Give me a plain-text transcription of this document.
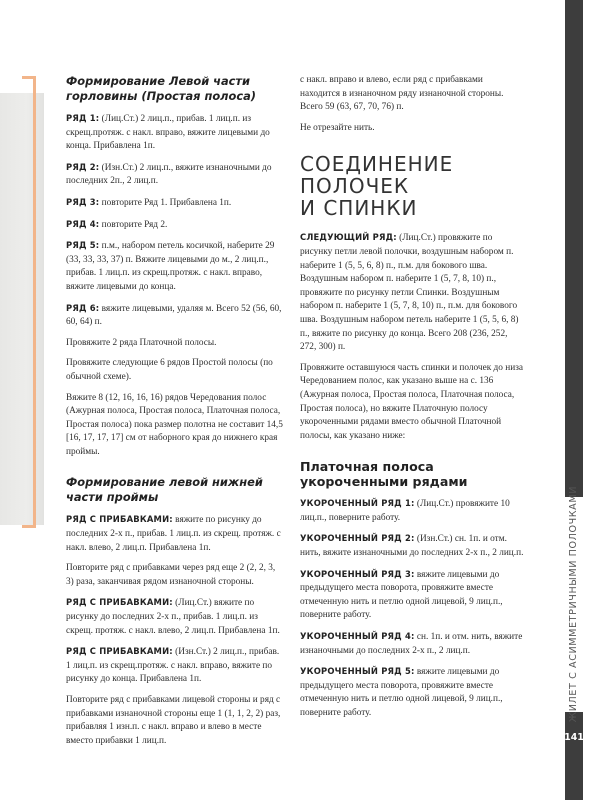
Формирование Левой части горловины (Простая полоса)

РЯД 1: (Лиц.Ст.) 2 лиц.п., прибав. 1 лиц.п. из скрещ.протяж. с накл. вправо, вяжите лицевыми до конца. Прибавлена 1п.

РЯД 2: (Изн.Ст.) 2 лиц.п., вяжите изнаночными до последних 2п., 2 лиц.п.

РЯД 3: повторите Ряд 1. Прибавлена 1п.

РЯД 4: повторите Ряд 2.

РЯД 5: п.м., набором петель косичкой, наберите 29 (33, 33, 33, 37) п. Вяжите лицевыми до м., 2 лиц.п., прибав. 1 лиц.п. из скрещ.протяж. с накл. вправо, вяжите лицевыми до конца.

РЯД 6: вяжите лицевыми, удаляя м. Всего 52 (56, 60, 60, 64) п.

Провяжите 2 ряда Платочной полосы.

Провяжите следующие 6 рядов Простой полосы (по обычной схеме).

Вяжите 8 (12, 16, 16, 16) рядов Чередования полос (Ажурная полоса, Простая полоса, Платочная полоса, Простая полоса) пока размер полотна не составит 14,5 [16, 17, 17, 17] см от наборного края до нижнего края проймы.

Формирование левой нижней части проймы

РЯД С ПРИБАВКАМИ: вяжите по рисунку до последних 2-х п., прибав. 1 лиц.п. из скрещ. протяж. с накл. влево, 2 лиц.п. Прибавлена 1п.

Повторите ряд с прибавками через ряд еще 2 (2, 2, 3, 3) раза, заканчивая рядом изнаночной стороны.

РЯД С ПРИБАВКАМИ: (Лиц.Ст.) вяжите по рисунку до последних 2-х п., прибав. 1 лиц.п. из скрещ. протяж. с накл. влево, 2 лиц.п. Прибавлена 1п.

РЯД С ПРИБАВКАМИ: (Изн.Ст.) 2 лиц.п., прибав. 1 лиц.п. из скрещ.протяж. с накл. вправо, вяжите по рисунку до конца. Прибавлена 1п.

Повторите ряд с прибавками лицевой стороны и ряд с прибавками изнаночной стороны еще 1 (1, 1, 2, 2) раз, прибавляя 1 изн.п. с накл. вправо и влево в месте вместо прибавки 1 лиц.п.

с накл. вправо и влево, если ряд с прибавками находится в изнаночном ряду изнаночной стороны. Всего 59 (63, 67, 70, 76) п.

Не отрезайте нить.

СОЕДИНЕНИЕ
ПОЛОЧЕК
И СПИНКИ

СЛЕДУЮЩИЙ РЯД: (Лиц.Ст.) провяжите по рисунку петли левой полочки, воздушным набором п. наберите 1 (5, 5, 6, 8) п., п.м. для бокового шва. Воздушным набором п. наберите 1 (5, 7, 8, 10) п., провяжите по рисунку петли Спинки. Воздушным набором п. наберите 1 (5, 7, 8, 10) п., п.м. для бокового шва. Воздушным набором петель наберите 1 (5, 5, 6, 8) п., вяжите по рисунку до конца. Всего 208 (236, 252, 272, 300) п.

Провяжите оставшуюся часть спинки и полочек до низа Чередованием полос, как указано выше на с. 136 (Ажурная полоса, Простая полоса, Платочная полоса, Простая полоса), но вяжите Платочную полосу укороченными рядами вместо обычной Платочной полосы, как указано ниже:

Платочная полоса укороченными рядами

УКОРОЧЕННЫЙ РЯД 1: (Лиц.Ст.) провяжите 10 лиц.п., поверните работу.

УКОРОЧЕННЫЙ РЯД 2: (Изн.Ст.) сн. 1п. и отм. нить, вяжите изнаночными до последних 2-х п., 2 лиц.п.

УКОРОЧЕННЫЙ РЯД 3: вяжите лицевыми до предыдущего места поворота, провяжите вместе отмеченную нить и петлю одной лицевой, 9 лиц.п., поверните работу.

УКОРОЧЕННЫЙ РЯД 4: сн. 1п. и отм. нить, вяжите изнаночными до последних 2-х п., 2 лиц.п.

УКОРОЧЕННЫЙ РЯД 5: вяжите лицевыми до предыдущего места поворота, провяжите вместе отмеченную нить и петлю одной лицевой, 9 лиц.п., поверните работу.	ЖИЛЕТ С АСИММЕТРИЧНЫМИ ПОЛОЧКАМИ
141
